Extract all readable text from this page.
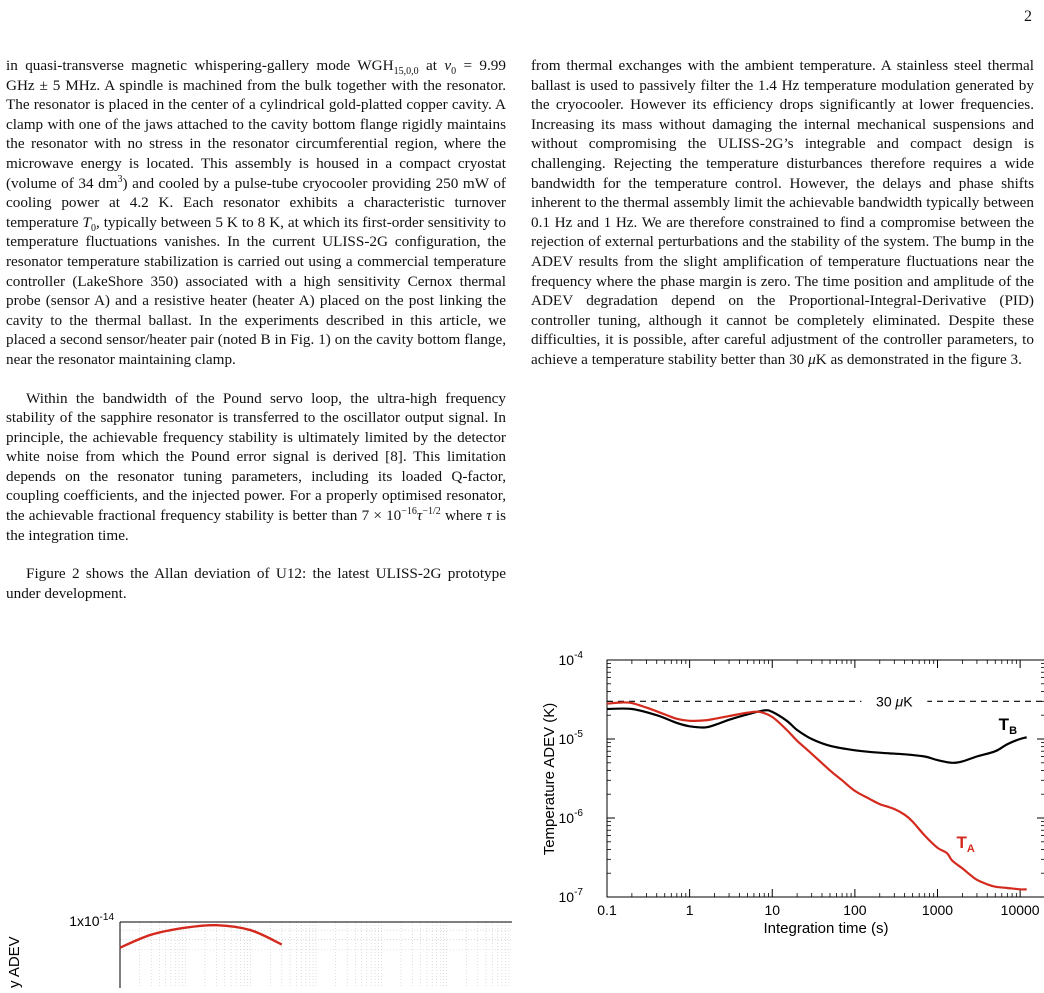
2

in quasi-transverse magnetic whispering-gallery mode $WGH_{15,0,0}$ at $\nu_0 = 9.99$ GHz ± 5 MHz. A spindle is machined from the bulk together with the resonator. The resonator is placed in the center of a cylindrical gold-platted copper cavity. A clamp with one of the jaws attached to the cavity bottom flange rigidly maintains the resonator with no stress in the resonator circumferential region, where the microwave energy is located. This assembly is housed in a compact cryostat (volume of 34 $dm^3$) and cooled by a pulse-tube cryocooler providing 250 mW of cooling power at 4.2 K. Each resonator exhibits a characteristic turnover temperature $T_0$, typically between 5 K to 8 K, at which its first-order sensitivity to temperature fluctuations vanishes. In the current ULISS-2G configuration, the resonator temperature stabilization is carried out using a commercial temperature controller (LakeShore 350) associated with a high sensitivity Cernox thermal probe (sensor A) and a resistive heater (heater A) placed on the post linking the cavity to the thermal ballast. In the experiments described in this article, we placed a second sensor/heater pair (noted B in Fig. 1) on the cavity bottom flange, near the resonator maintaining clamp.

Within the bandwidth of the Pound servo loop, the ultra-high frequency stability of the sapphire resonator is transferred to the oscillator output signal. In principle, the achievable frequency stability is ultimately limited by the detector white noise from which the Pound error signal is derived [8]. This limitation depends on the resonator tuning parameters, including its loaded Q-factor, coupling coefficients, and the injected power. For a properly optimised resonator, the achievable fractional frequency stability is better than $7 \times 10^{-16}\tau^{-1/2}$ where τ is the integration time.

Figure 2 shows the Allan deviation of U12: the latest ULISS-2G prototype under development.

from thermal exchanges with the ambient temperature. A stainless steel thermal ballast is used to passively filter the 1.4 Hz temperature modulation generated by the cryocooler. However its efficiency drops significantly at lower frequencies. Increasing its mass without damaging the internal mechanical suspensions and without compromising the ULISS-2G’s integrable and compact design is challenging. Rejecting the temperature disturbances therefore requires a wide bandwidth for the temperature control. However, the delays and phase shifts inherent to the thermal assembly limit the achievable bandwidth typically between 0.1 Hz and 1 Hz. We are therefore constrained to find a compromise between the rejection of external perturbations and the stability of the system. The bump in the ADEV results from the slight amplification of temperature fluctuations near the frequency where the phase margin is zero. The time position and amplitude of the ADEV degradation depend on the Proportional-Integral-Derivative (PID) controller tuning, although it cannot be completely eliminated. Despite these difficulties, it is possible, after careful adjustment of the controller parameters, to achieve a temperature stability better than 30 μK as demonstrated in the figure 3.

0.1	1	10	100	1000	10000
$10^{-7}$
$10^{-6}$
$10^{-5}$
$10^{-4}$
30 μK
$T_B$
$T_A$
Temperature ADEV (K)
Integration time (s)
$1x10^{-14}$
y ADEV
